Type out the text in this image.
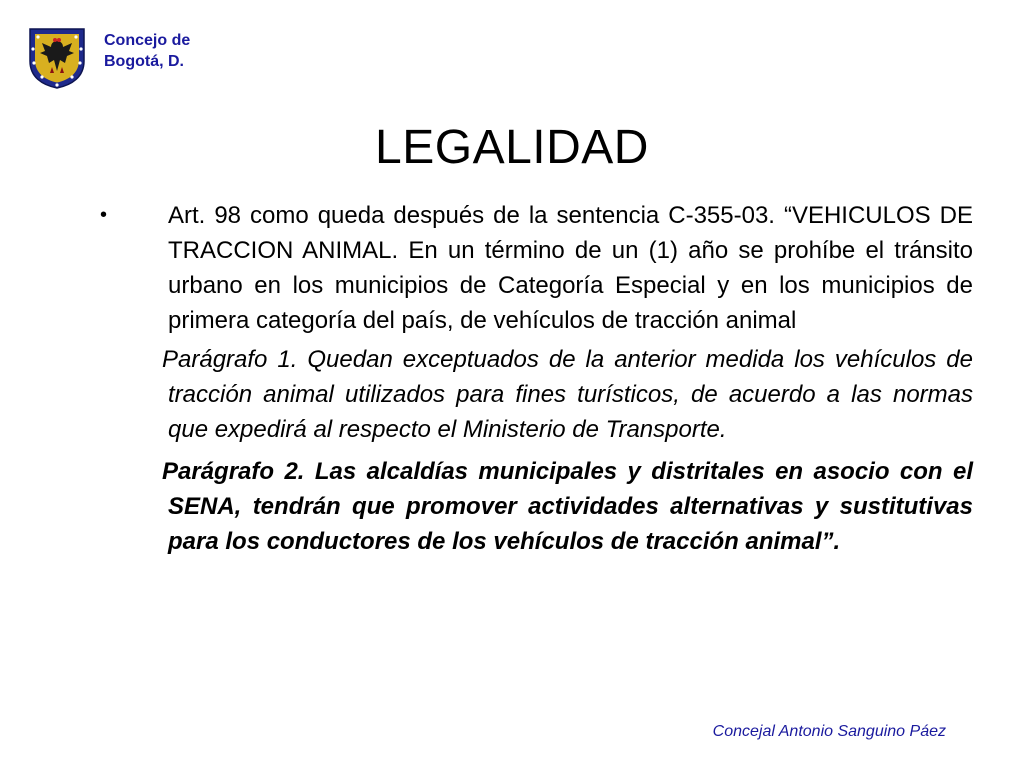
Concejo de
Bogotá, D.
LEGALIDAD
•	Art. 98 como queda después de la sentencia C-355-03. “VEHICULOS DE TRACCION ANIMAL. En un término de un (1) año se prohíbe el tránsito urbano en los municipios de Categoría Especial y en los municipios de primera categoría del país, de vehículos de tracción animal

Parágrafo 1. Quedan exceptuados de la anterior medida los vehículos de tracción animal utilizados para fines turísticos, de acuerdo a las normas que expedirá al respecto el Ministerio de Transporte.

Parágrafo 2. Las alcaldías municipales y distritales en asocio con el SENA, tendrán que promover actividades alternativas y sustitutivas para los conductores de los vehículos de tracción animal”.

Concejal Antonio Sanguino Páez
